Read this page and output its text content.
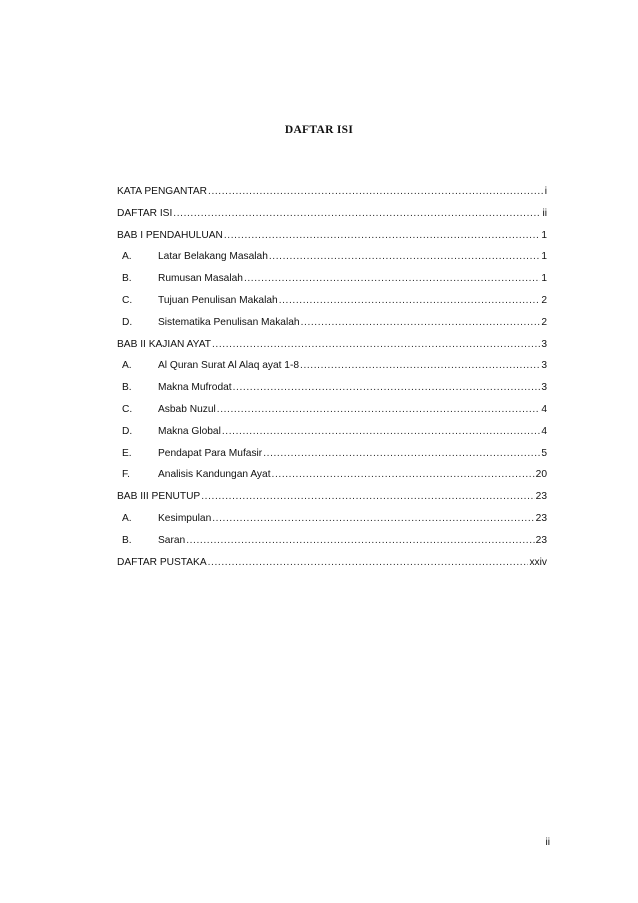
DAFTAR ISI
KATA PENGANTAR .....	i
DAFTAR ISI .....	ii
BAB I PENDAHULUAN .....	1
A.	Latar Belakang Masalah .....	1
B.	Rumusan Masalah .....	1
C.	Tujuan Penulisan Makalah .....	2
D.	Sistematika Penulisan Makalah .....	2
BAB II KAJIAN AYAT .....	3
A.	Al Quran Surat Al Alaq ayat 1-8 .....	3
B.	Makna Mufrodat .....	3
C.	Asbab Nuzul .....	4
D.	Makna Global .....	4
E.	Pendapat Para Mufasir .....	5
F.	Analisis Kandungan Ayat .....	20
BAB III PENUTUP .....	23
A.	Kesimpulan .....	23
B.	Saran .....	23
DAFTAR PUSTAKA .....	xxiv
ii
